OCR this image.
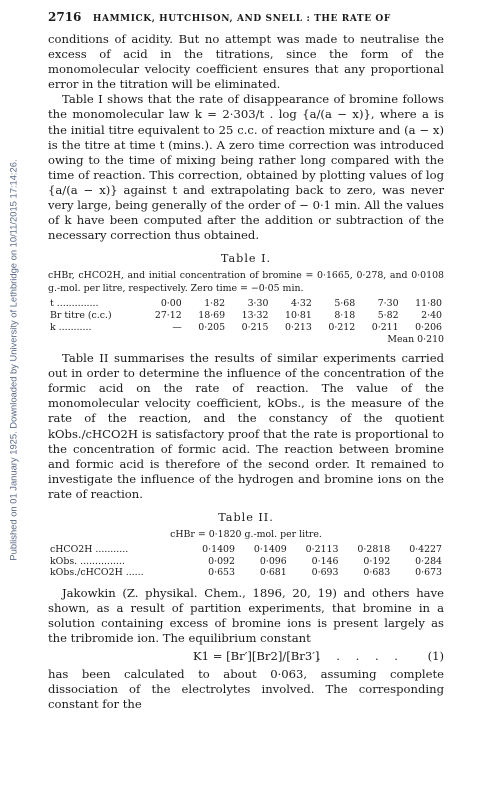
Published on 01 January 1925. Downloaded by University of Lethbridge on 10/11/2015 17:14:26.
2716 HAMMICK, HUTCHISON, AND SNELL : THE RATE OF

conditions of acidity. But no attempt was made to neutralise the excess of acid in the titrations, since the form of the monomolecular velocity coefficient ensures that any proportional error in the titration will be eliminated.

Table I shows that the rate of disappearance of bromine follows the monomolecular law k = 2·303/t . log {a/(a − x)}, where a is the initial titre equivalent to 25 c.c. of reaction mixture and (a − x) is the titre at time t (mins.). A zero time correction was introduced owing to the time of mixing being rather long compared with the time of reaction. This correction, obtained by plotting values of log {a/(a − x)} against t and extrapolating back to zero, was never very large, being generally of the order of − 0·1 min. All the values of k have been computed after the addition or subtraction of the necessary correction thus obtained.

Table I.
cHBr, cHCO2H, and initial concentration of bromine = 0·1665, 0·278, and 0·0108 g.-mol. per litre, respectively. Zero time = −0·05 min.
t ..............	0·00	1·82	3·30	4·32	5·68	7·30	11·80
Br titre (c.c.)	27·12	18·69	13·32	10·81	8·18	5·82	2·40
k ...........	—	0·205	0·215	0·213	0·212	0·211	0·206
Mean 0·210

Table II summarises the results of similar experiments carried out in order to determine the influence of the concentration of the formic acid on the rate of reaction. The value of the monomolecular velocity coefficient, kObs., is the measure of the rate of the reaction, and the constancy of the quotient kObs./cHCO2H is satisfactory proof that the rate is proportional to the concentration of formic acid. The reaction between bromine and formic acid is therefore of the second order. It remained to investigate the influence of the hydrogen and bromine ions on the rate of reaction.

Table II.
cHBr = 0·1820 g.-mol. per litre.
cHCO2H ...........	0·1409	0·1409	0·2113	0·2818	0·4227
kObs. ...............	0·092	0·096	0·146	0·192	0·284
kObs./cHCO2H ......	0·653	0·681	0·693	0·683	0·673

Jakowkin (Z. physikal. Chem., 1896, 20, 19) and others have shown, as a result of partition experiments, that bromine in a solution containing excess of bromine ions is present largely as the tribromide ion. The equilibrium constant

K1 = [Br′][Br2]/[Br3′]
. . . . . (1)

has been calculated to about 0·063, assuming complete dissociation of the electrolytes involved. The corresponding constant for the
